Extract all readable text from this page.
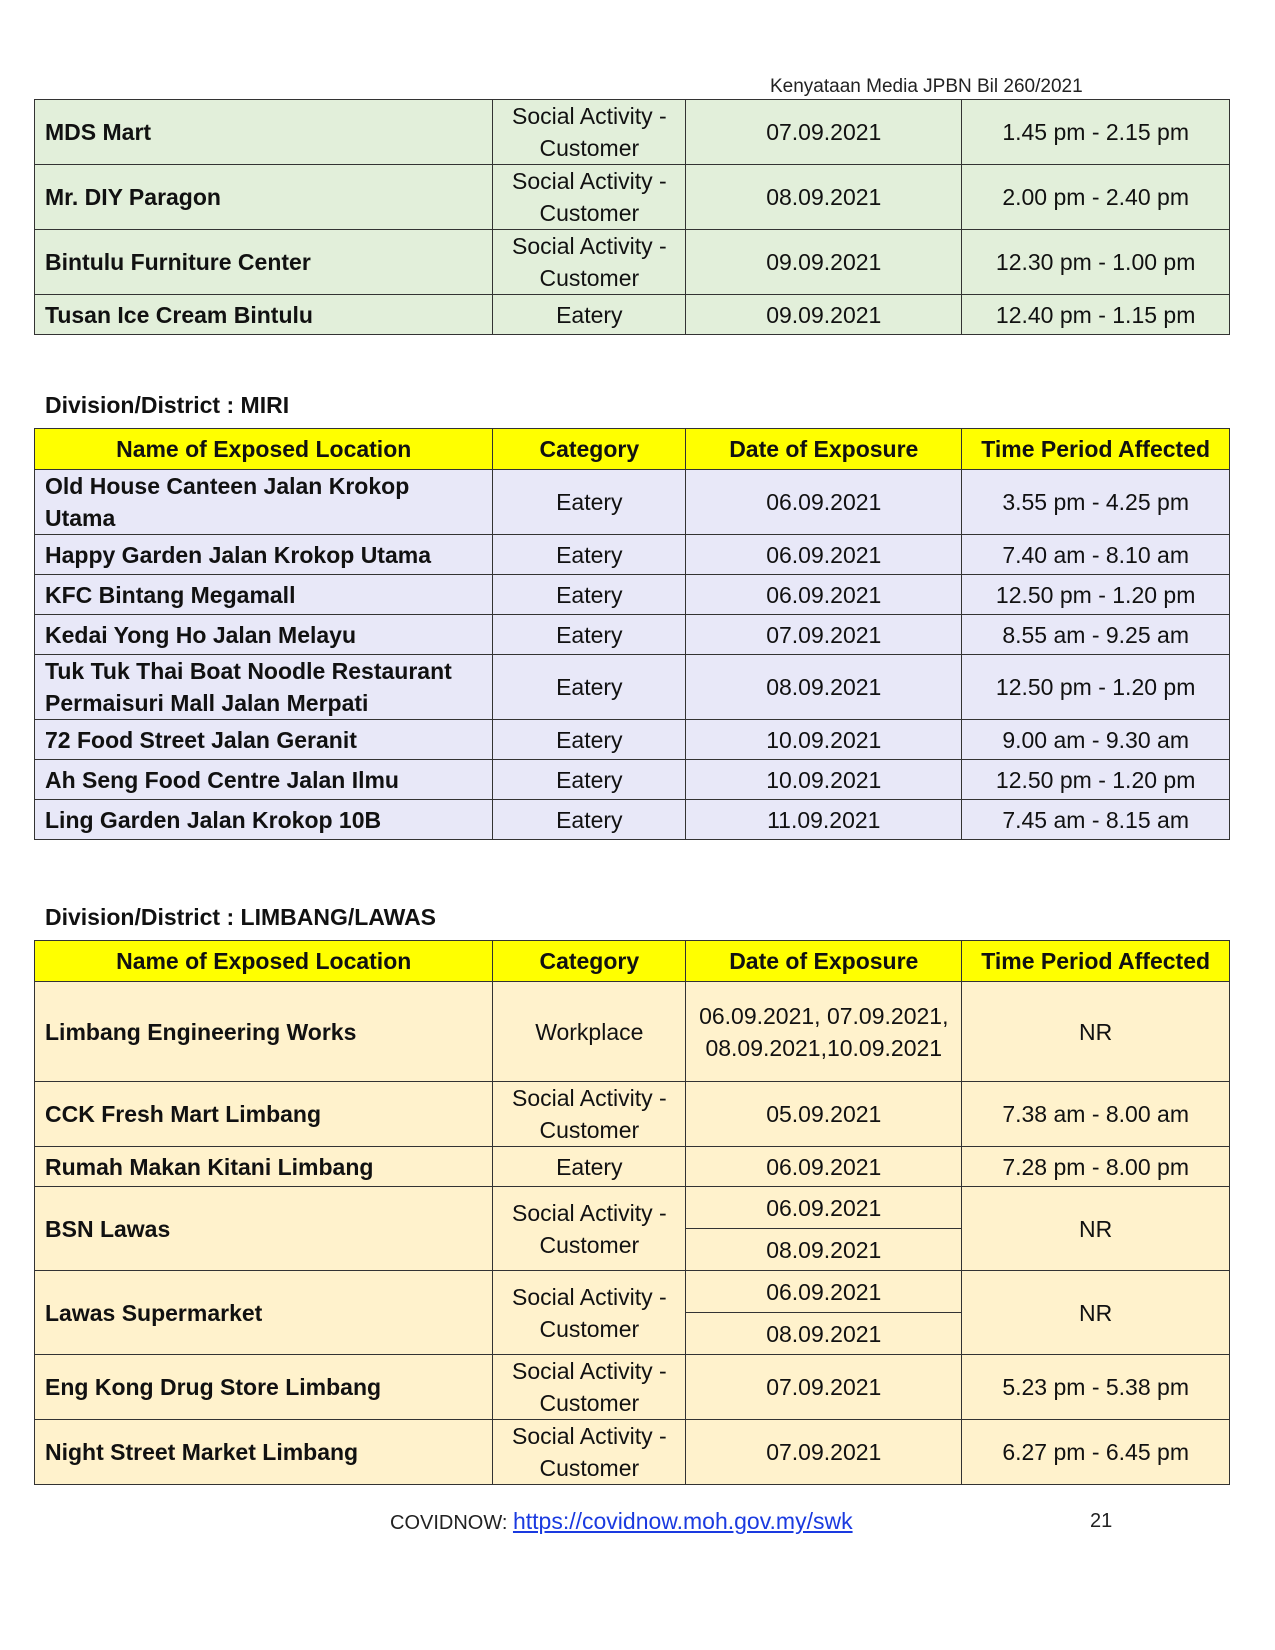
Kenyataan Media JPBN Bil 260/2021
MDS Mart	Social Activity - Customer	07.09.2021	1.45 pm - 2.15 pm
Mr. DIY Paragon	Social Activity - Customer	08.09.2021	2.00 pm - 2.40 pm
Bintulu Furniture Center	Social Activity - Customer	09.09.2021	12.30 pm - 1.00 pm
Tusan Ice Cream Bintulu	Eatery	09.09.2021	12.40 pm - 1.15 pm
Division/District : MIRI
Name of Exposed Location	Category	Date of Exposure	Time Period Affected
Old House Canteen Jalan Krokop Utama	Eatery	06.09.2021	3.55 pm - 4.25 pm
Happy Garden Jalan Krokop Utama	Eatery	06.09.2021	7.40 am - 8.10 am
KFC Bintang Megamall	Eatery	06.09.2021	12.50 pm - 1.20 pm
Kedai Yong Ho Jalan Melayu	Eatery	07.09.2021	8.55 am - 9.25 am
Tuk Tuk Thai Boat Noodle Restaurant Permaisuri Mall Jalan Merpati	Eatery	08.09.2021	12.50 pm - 1.20 pm
72 Food Street Jalan Geranit	Eatery	10.09.2021	9.00 am - 9.30 am
Ah Seng Food Centre Jalan Ilmu	Eatery	10.09.2021	12.50 pm - 1.20 pm
Ling Garden Jalan Krokop 10B	Eatery	11.09.2021	7.45 am - 8.15 am
Division/District : LIMBANG/LAWAS
Name of Exposed Location	Category	Date of Exposure	Time Period Affected
Limbang Engineering Works	Workplace	06.09.2021, 07.09.2021, 08.09.2021,10.09.2021	NR
CCK Fresh Mart Limbang	Social Activity - Customer	05.09.2021	7.38 am - 8.00 am
Rumah Makan Kitani Limbang	Eatery	06.09.2021	7.28 pm - 8.00 pm
BSN Lawas	Social Activity - Customer	06.09.2021	NR
		08.09.2021	
Lawas Supermarket	Social Activity - Customer	06.09.2021	NR
		08.09.2021	
Eng Kong Drug Store Limbang	Social Activity - Customer	07.09.2021	5.23 pm - 5.38 pm
Night Street Market Limbang	Social Activity - Customer	07.09.2021	6.27 pm - 6.45 pm
COVIDNOW: https://covidnow.moh.gov.my/swk	21
